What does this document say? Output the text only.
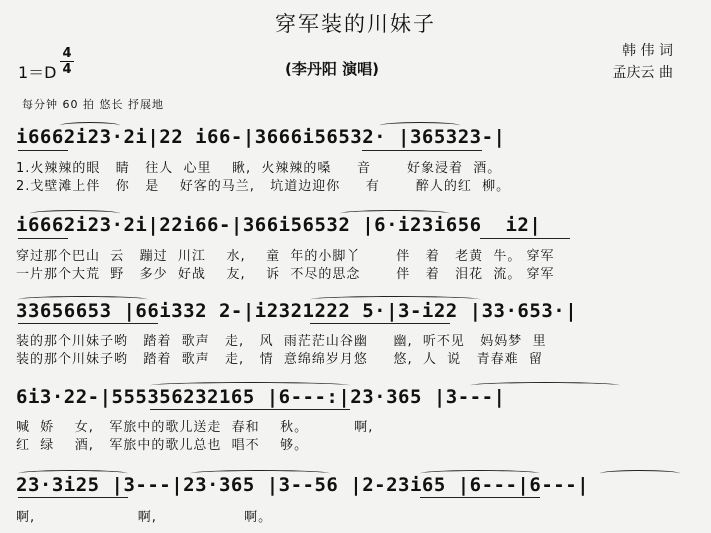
穿军装的川妹子
1＝D
4
4	(李丹阳 演唱)
韩 伟 词
孟庆云 曲
每分钟 60 拍 悠长 抒展地
i6662i23·2i|22 i66-|3666i56532· |365323-|
1.火辣辣的眼   睛   往人  心里    瞅,  火辣辣的嗓     音       好象浸着  酒。
2.戈壁滩上伴   你   是    好客的马兰,   坑道边迎你     有       醉人的红  柳。
i6662i23·2i|22i66-|366i56532 |6·i23i656  i2|
穿过那个巴山  云   蹦过  川江    水,    童  年的小脚丫       伴   着   老黄  牛。 穿军
一片那个大荒  野   多少  好战    友,    诉  不尽的思念       伴   着   泪花  流。 穿军
33656653 |66i332 2-|i2321222 5·|3-i22 |33·653·|
装的那个川妹子哟   踏着  歌声   走,   风  雨茫茫山谷幽     幽,  听不见   妈妈梦  里
装的那个川妹子哟   踏着  歌声   走,   情  意绵绵岁月悠     悠,  人  说   青春难  留
6i3·22-|555356232165 |6---:|23·365 |3---|
喊  娇    女,   军旅中的歌儿送走  春和    秋。         啊,
红  绿    酒,   军旅中的歌儿总也  唱不    够。
23·3i25 |3---|23·365 |3--56 |2-23i65 |6---|6---|
啊,                    啊,                 啊。
